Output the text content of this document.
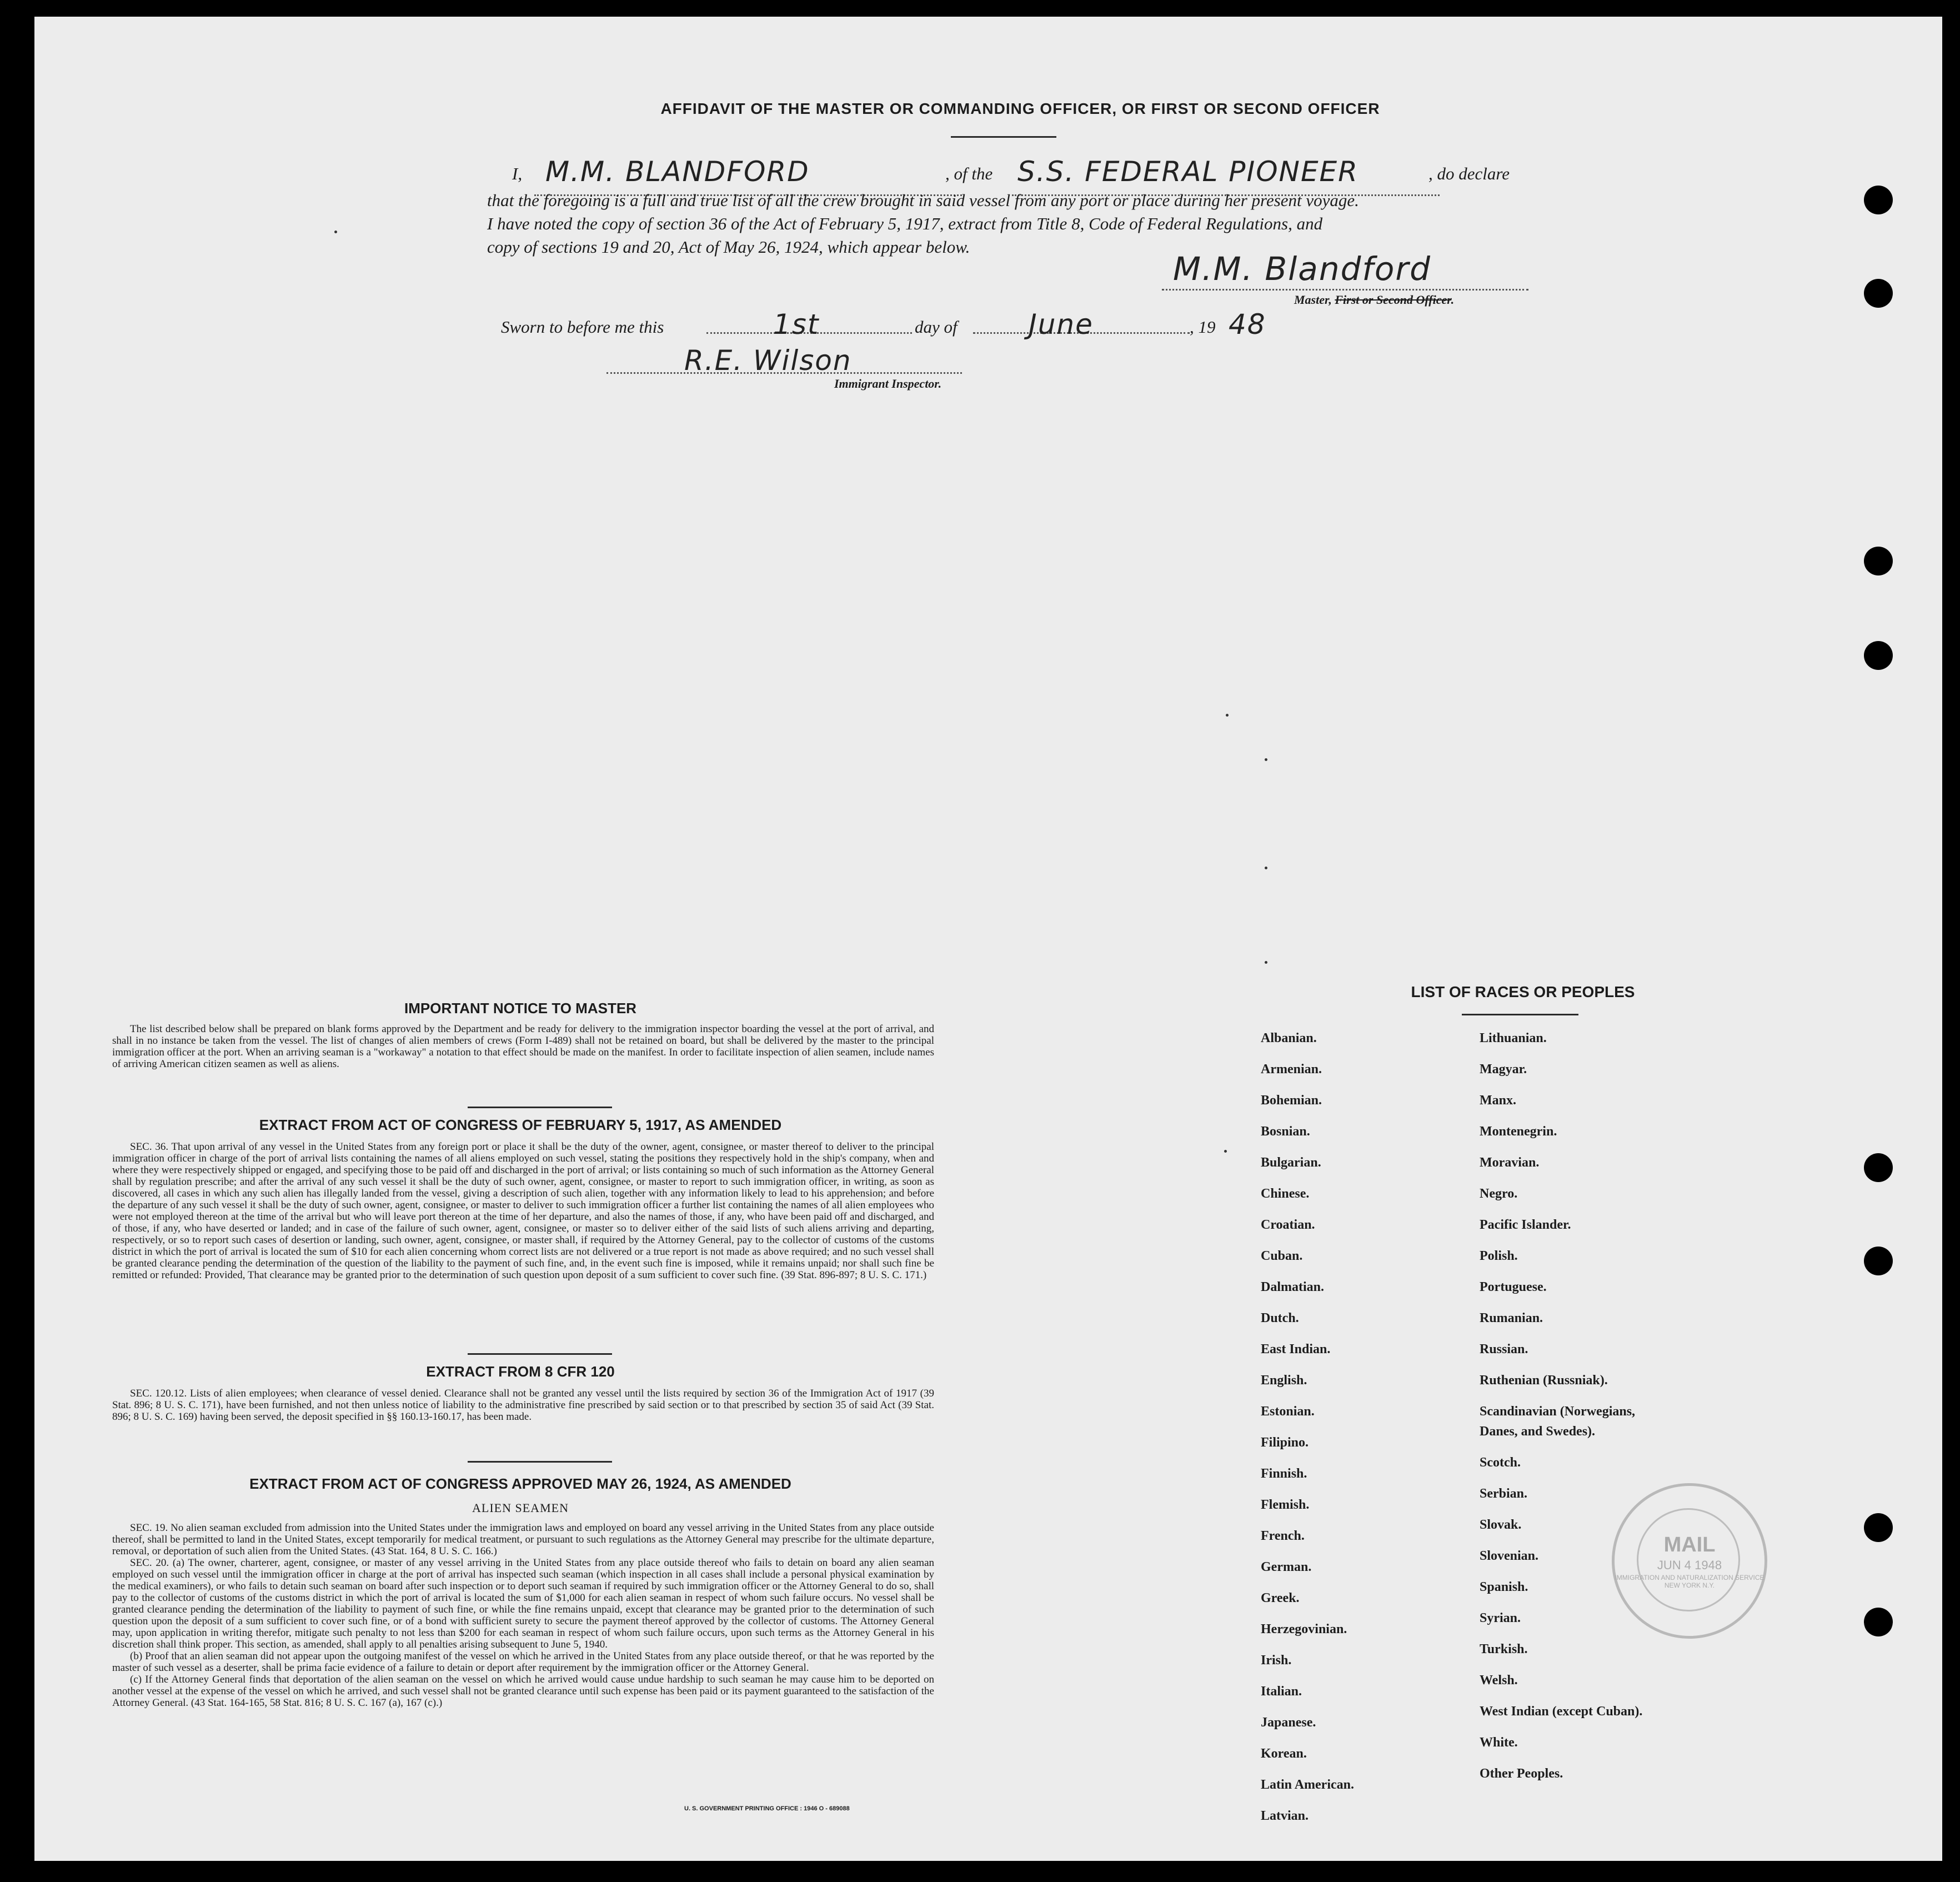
AFFIDAVIT OF THE MASTER OR COMMANDING OFFICER, OR FIRST OR SECOND OFFICER
I, M.M. BLANDFORD	, of the S.S. FEDERAL PIONEER	, do declare
that the foregoing is a full and true list of all the crew brought in said vessel from any port or place during her present voyage.
I have noted the copy of section 36 of the Act of February 5, 1917, extract from Title 8, Code of Federal Regulations, and
copy of sections 19 and 20, Act of May 26, 1924, which appear below.
M.M. Blandford
Master, First or Second Officer.
Sworn to before me this	1st	day of	June	, 19 48
R.E. Wilson
Immigrant Inspector.
IMPORTANT NOTICE TO MASTER

The list described below shall be prepared on blank forms approved by the Department and be ready for delivery to the immigration inspector boarding the vessel at the port of arrival, and shall in no instance be taken from the vessel. The list of changes of alien members of crews (Form I-489) shall not be retained on board, but shall be delivered by the master to the principal immigration officer at the port. When an arriving seaman is a "workaway" a notation to that effect should be made on the manifest. In order to facilitate inspection of alien seamen, include names of arriving American citizen seamen as well as aliens.

EXTRACT FROM ACT OF CONGRESS OF FEBRUARY 5, 1917, AS AMENDED

SEC. 36. That upon arrival of any vessel in the United States from any foreign port or place it shall be the duty of the owner, agent, consignee, or master thereof to deliver to the principal immigration officer in charge of the port of arrival lists containing the names of all aliens employed on such vessel, stating the positions they respectively hold in the ship's company, when and where they were respectively shipped or engaged, and specifying those to be paid off and discharged in the port of arrival; or lists containing so much of such information as the Attorney General shall by regulation prescribe; and after the arrival of any such vessel it shall be the duty of such owner, agent, consignee, or master to report to such immigration officer, in writing, as soon as discovered, all cases in which any such alien has illegally landed from the vessel, giving a description of such alien, together with any information likely to lead to his apprehension; and before the departure of any such vessel it shall be the duty of such owner, agent, consignee, or master to deliver to such immigration officer a further list containing the names of all alien employees who were not employed thereon at the time of the arrival but who will leave port thereon at the time of her departure, and also the names of those, if any, who have been paid off and discharged, and of those, if any, who have deserted or landed; and in case of the failure of such owner, agent, consignee, or master so to deliver either of the said lists of such aliens arriving and departing, respectively, or so to report such cases of desertion or landing, such owner, agent, consignee, or master shall, if required by the Attorney General, pay to the collector of customs of the customs district in which the port of arrival is located the sum of $10 for each alien concerning whom correct lists are not delivered or a true report is not made as above required; and no such vessel shall be granted clearance pending the determination of the question of the liability to the payment of such fine, and, in the event such fine is imposed, while it remains unpaid; nor shall such fine be remitted or refunded: Provided, That clearance may be granted prior to the determination of such question upon deposit of a sum sufficient to cover such fine. (39 Stat. 896-897; 8 U. S. C. 171.)

EXTRACT FROM 8 CFR 120

SEC. 120.12. Lists of alien employees; when clearance of vessel denied. Clearance shall not be granted any vessel until the lists required by section 36 of the Immigration Act of 1917 (39 Stat. 896; 8 U. S. C. 171), have been furnished, and not then unless notice of liability to the administrative fine prescribed by said section or to that prescribed by section 35 of said Act (39 Stat. 896; 8 U. S. C. 169) having been served, the deposit specified in §§ 160.13-160.17, has been made.

EXTRACT FROM ACT OF CONGRESS APPROVED MAY 26, 1924, AS AMENDED
ALIEN SEAMEN

SEC. 19. No alien seaman excluded from admission into the United States under the immigration laws and employed on board any vessel arriving in the United States from any place outside thereof, shall be permitted to land in the United States, except temporarily for medical treatment, or pursuant to such regulations as the Attorney General may prescribe for the ultimate departure, removal, or deportation of such alien from the United States. (43 Stat. 164, 8 U. S. C. 166.)

SEC. 20. (a) The owner, charterer, agent, consignee, or master of any vessel arriving in the United States from any place outside thereof who fails to detain on board any alien seaman employed on such vessel until the immigration officer in charge at the port of arrival has inspected such seaman (which inspection in all cases shall include a personal physical examination by the medical examiners), or who fails to detain such seaman on board after such inspection or to deport such seaman if required by such immigration officer or the Attorney General to do so, shall pay to the collector of customs of the customs district in which the port of arrival is located the sum of $1,000 for each alien seaman in respect of whom such failure occurs. No vessel shall be granted clearance pending the determination of the liability to payment of such fine, or while the fine remains unpaid, except that clearance may be granted prior to the determination of such question upon the deposit of a sum sufficient to cover such fine, or of a bond with sufficient surety to secure the payment thereof approved by the collector of customs. The Attorney General may, upon application in writing therefor, mitigate such penalty to not less than $200 for each seaman in respect of whom such failure occurs, upon such terms as the Attorney General in his discretion shall think proper. This section, as amended, shall apply to all penalties arising subsequent to June 5, 1940.

(b) Proof that an alien seaman did not appear upon the outgoing manifest of the vessel on which he arrived in the United States from any place outside thereof, or that he was reported by the master of such vessel as a deserter, shall be prima facie evidence of a failure to detain or deport after requirement by the immigration officer or the Attorney General.

(c) If the Attorney General finds that deportation of the alien seaman on the vessel on which he arrived would cause undue hardship to such seaman he may cause him to be deported on another vessel at the expense of the vessel on which he arrived, and such vessel shall not be granted clearance until such expense has been paid or its payment guaranteed to the satisfaction of the Attorney General. (43 Stat. 164-165, 58 Stat. 816; 8 U. S. C. 167 (a), 167 (c).)

U. S. GOVERNMENT PRINTING OFFICE : 1946 O - 689088
LIST OF RACES OR PEOPLES
Albanian.
Armenian.
Bohemian.
Bosnian.
Bulgarian.
Chinese.
Croatian.
Cuban.
Dalmatian.
Dutch.
East Indian.
English.
Estonian.
Filipino.
Finnish.
Flemish.
French.
German.
Greek.
Herzegovinian.
Irish.
Italian.
Japanese.
Korean.
Latin American.
Latvian.
Lithuanian.
Magyar.
Manx.
Montenegrin.
Moravian.
Negro.
Pacific Islander.
Polish.
Portuguese.
Rumanian.
Russian.
Ruthenian (Russniak).
Scandinavian (Norwegians,
Danes, and Swedes).
Scotch.
Serbian.
Slovak.
Slovenian.
Spanish.
Syrian.
Turkish.
Welsh.
West Indian (except Cuban).
White.
Other Peoples.
MAIL
JUN 4 1948
IMMIGRATION AND NATURALIZATION SERVICE NEW YORK N.Y.
